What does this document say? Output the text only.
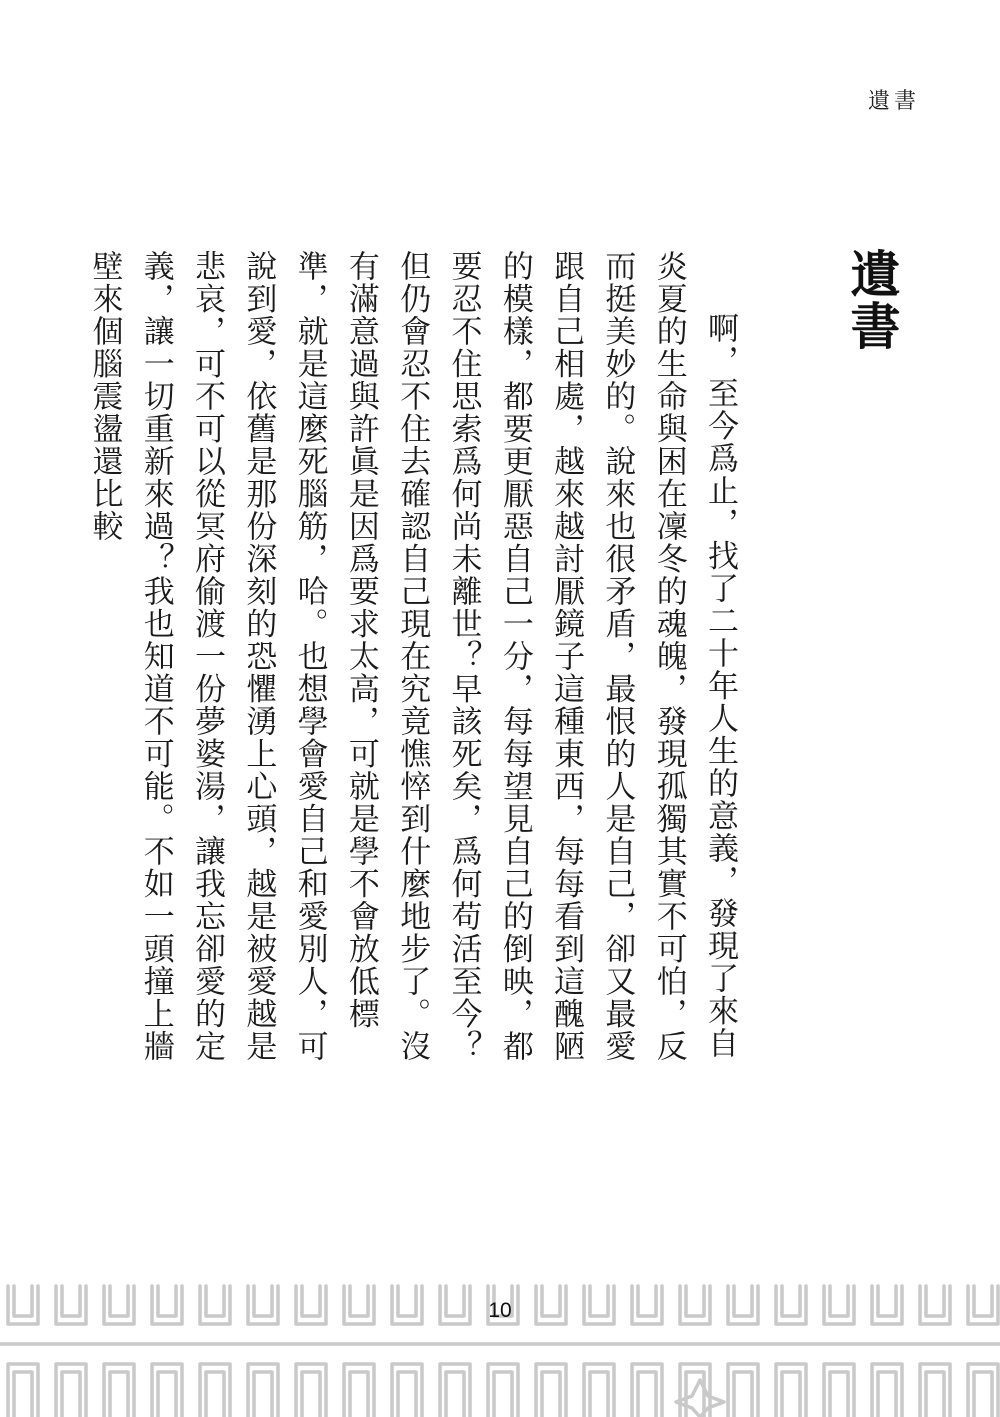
遺書
遺書

啊，至今爲止，找了二十年人生的意義，發現了來自炎夏的生命與困在凜冬的魂魄，發現孤獨其實不可怕，反而挺美妙的。說來也很矛盾，最恨的人是自己，卻又最愛跟自己相處，越來越討厭鏡子這種東西，每每看到這醜陋的模樣，都要更厭惡自己一分，每每望見自己的倒映，都要忍不住思索爲何尚未離世？早該死矣，爲何苟活至今？但仍會忍不住去確認自己現在究竟憔悴到什麼地步了。沒有滿意過與許眞是因爲要求太高，可就是學不會放低標準，就是這麼死腦筋，哈。也想學會愛自己和愛別人，可說到愛，依舊是那份深刻的恐懼湧上心頭，越是被愛越是悲哀，可不可以從冥府偷渡一份夢婆湯，讓我忘卻愛的定義，讓一切重新來過？我也知道不可能。不如一頭撞上牆壁來個腦震盪還比較

10
